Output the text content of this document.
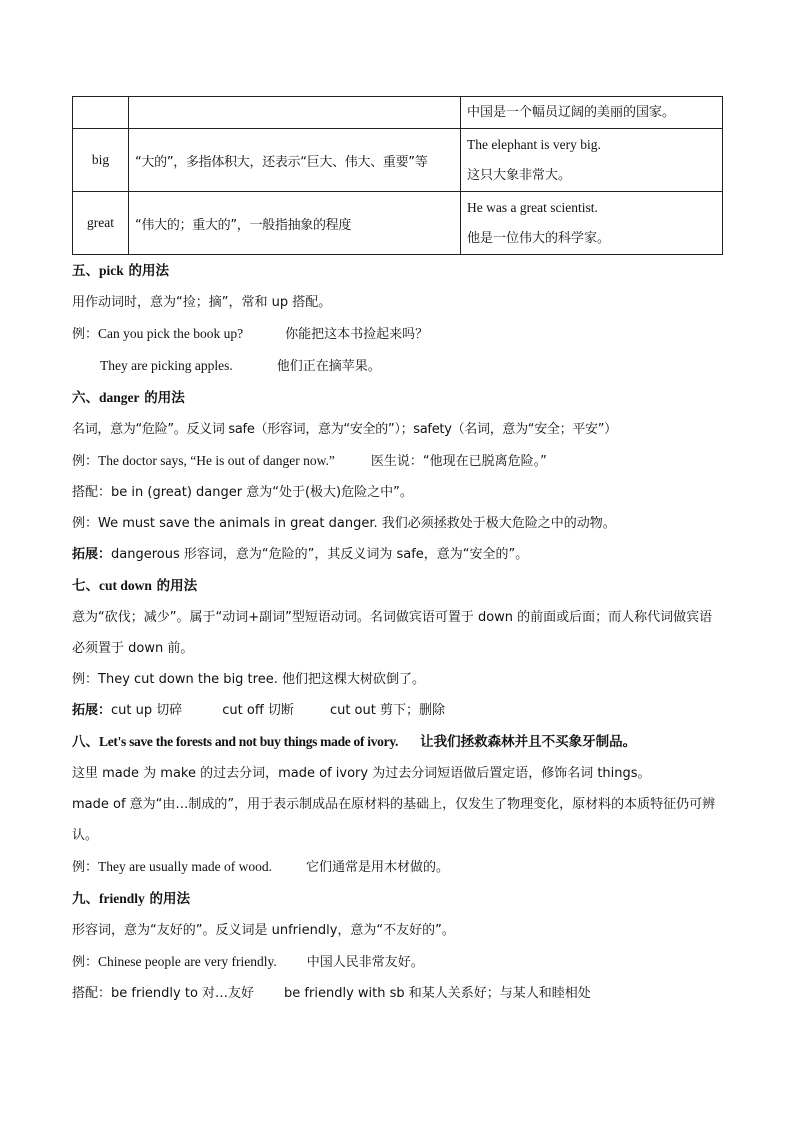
		中国是一个幅员辽阔的美丽的国家。

big	“大的”，多指体积大，还表示“巨大、伟大、重要”等	The elephant is very big.
这只大象非常大。

great	“伟大的；重大的”，一般指抽象的程度	He was a great scientist.
他是一位伟大的科学家。

五、pick 的用法

用作动词时，意为“捡；摘”，常和 up 搭配。

例：Can you pick the book up?	你能把这本书捡起来吗？

They are picking apples.	他们正在摘苹果。

六、danger 的用法

名词，意为“危险”。反义词 safe（形容词，意为“安全的”）；safety（名词，意为“安全；平安”）

例：The doctor says, “He is out of danger now.”	医生说：“他现在已脱离危险。”

搭配：be in (great) danger 意为“处于(极大)危险之中”。

例：We must save the animals in great danger. 我们必须拯救处于极大危险之中的动物。

拓展：dangerous 形容词，意为“危险的”，其反义词为 safe，意为“安全的”。

七、cut down 的用法

意为“砍伐；减少”。属于“动词+副词”型短语动词。名词做宾语可置于 down 的前面或后面；而人称代词做宾语必须置于 down 前。

例：They cut down the big tree. 他们把这棵大树砍倒了。

拓展：cut up 切碎	cut off 切断	cut out 剪下；删除

八、Let's save the forests and not buy things made of ivory. 让我们拯救森林并且不买象牙制品。

这里 made 为 make 的过去分词，made of ivory 为过去分词短语做后置定语，修饰名词 things。

made of 意为“由…制成的”，用于表示制成品在原材料的基础上，仅发生了物理变化，原材料的本质特征仍可辨认。

例：They are usually made of wood.	它们通常是用木材做的。

九、friendly 的用法

形容词，意为“友好的”。反义词是 unfriendly，意为“不友好的”。

例：Chinese people are very friendly. 中国人民非常友好。

搭配：be friendly to 对…友好 be friendly with sb 和某人关系好；与某人和睦相处
